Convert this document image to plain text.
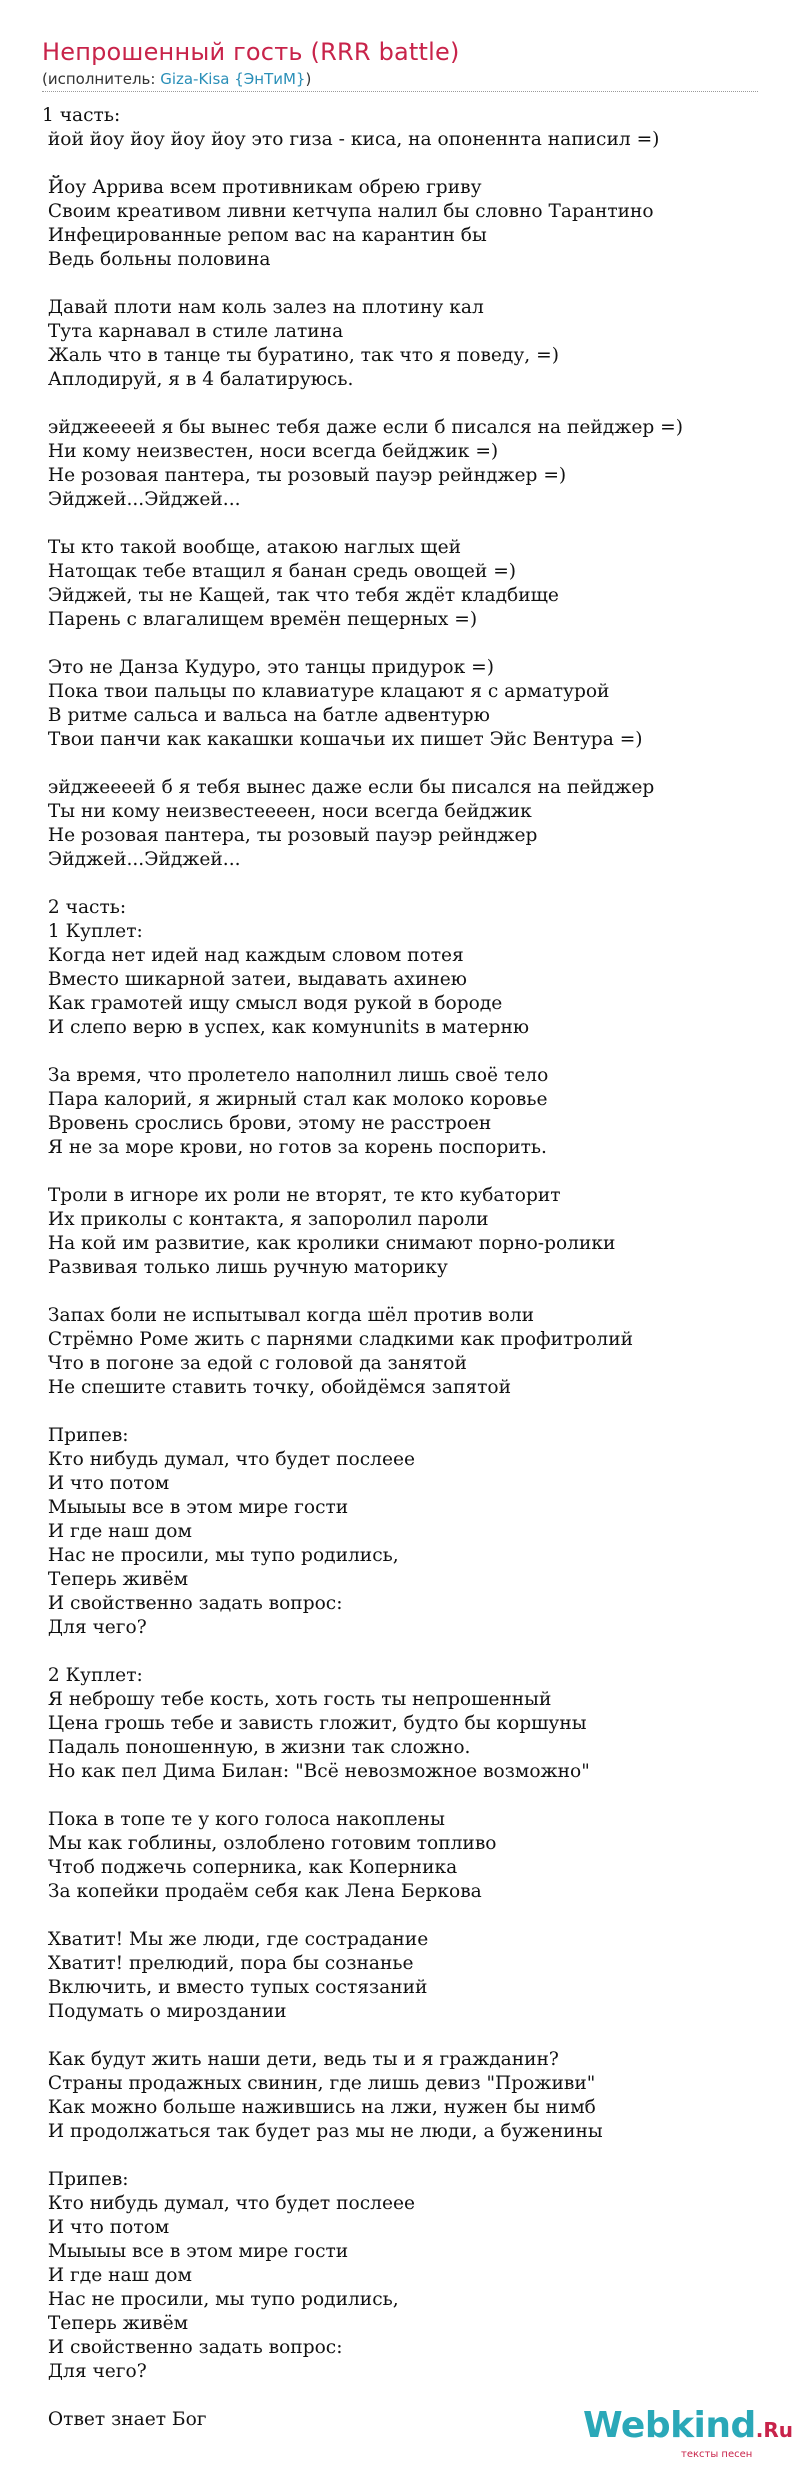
Непрошенный гость (RRR battle)
(исполнитель: Giza-Kisa {ЭнТиМ})
1 часть:
йой йоу йоу йоу йоу это гиза - киса, на опоненнта написил =)

Йоу Аррива всем противникам обрею гриву
Своим креативом ливни кетчупа налил бы словно Тарантино
Инфецированные репом вас на карантин бы
Ведь больны половина

Давай плоти нам коль залез на плотину кал
Тута карнавал в стиле латина
Жаль что в танце ты буратино, так что я поведу, =)
Аплодируй, я в 4 балатируюсь.

эйджеееей я бы вынес тебя даже если б писался на пейджер =)
Ни кому неизвестен, носи всегда бейджик =)
Не розовая пантера, ты розовый пауэр рейнджер =)
Эйджей...Эйджей...

Ты кто такой вообще, атакою наглых щей
Натощак тебе втащил я банан средь овощей =)
Эйджей, ты не Кащей, так что тебя ждёт кладбище
Парень с влагалищем времён пещерных =)

Это не Данза Кудуро, это танцы придурок =)
Пока твои пальцы по клавиатуре клацают я с арматурой
В ритме сальса и вальса на батле адвентурю
Твои панчи как какашки кошачьи их пишет Эйс Вентура =)

эйджеееей б я тебя вынес даже если бы писался на пейджер
Ты ни кому неизвестеееен, носи всегда бейджик
Не розовая пантера, ты розовый пауэр рейнджер
Эйджей...Эйджей...

2 часть:
1 Куплет:
Когда нет идей над каждым словом потея
Вместо шикарной затеи, выдавать ахинею
Как грамотей ищу смысл водя рукой в бороде
И слепо верю в успех, как комунunits в матерню

За время, что пролетело наполнил лишь своё тело
Пара калорий, я жирный стал как молоко коровье
Вровень срослись брови, этому не расстроен
Я не за море крови, но готов за корень поспорить.

Троли в игноре их роли не вторят, те кто кубаторит
Их приколы с контакта, я запоролил пароли
На кой им развитие, как кролики снимают порно-ролики
Развивая только лишь ручную маторику

Запах боли не испытывал когда шёл против воли
Стрёмно Роме жить с парнями сладкими как профитролий
Что в погоне за едой с головой да занятой
Не спешите ставить точку, обойдёмся запятой

Припев:
Кто нибудь думал, что будет послеее
И что потом
Мыыыы все в этом мире гости
И где наш дом
Нас не просили, мы тупо родились,
Теперь живём
И свойственно задать вопрос:
Для чего?

2 Куплет:
Я неброшу тебе кость, хоть гость ты непрошенный
Цена грошь тебе и зависть гложит, будто бы коршуны
Падаль поношенную, в жизни так сложно.
Но как пел Дима Билан: "Всё невозможное возможно"

Пока в топе те у кого голоса накоплены
Мы как гоблины, озлоблено готовим топливо
Чтоб поджечь соперника, как Коперника
За копейки продаём себя как Лена Беркова

Хватит! Мы же люди, где сострадание
Хватит! прелюдий, пора бы сознанье
Включить, и вместо тупых состязаний
Подумать о мироздании

Как будут жить наши дети, ведь ты и я гражданин?
Страны продажных свинин, где лишь девиз "Проживи"
Как можно больше нажившись на лжи, нужен бы нимб
И продолжаться так будет раз мы не люди, а буженины

Припев:
Кто нибудь думал, что будет послеее
И что потом
Мыыыы все в этом мире гости
И где наш дом
Нас не просили, мы тупо родились,
Теперь живём
И свойственно задать вопрос:
Для чего?

Ответ знает Бог	Webkind.Ru
тексты песен
